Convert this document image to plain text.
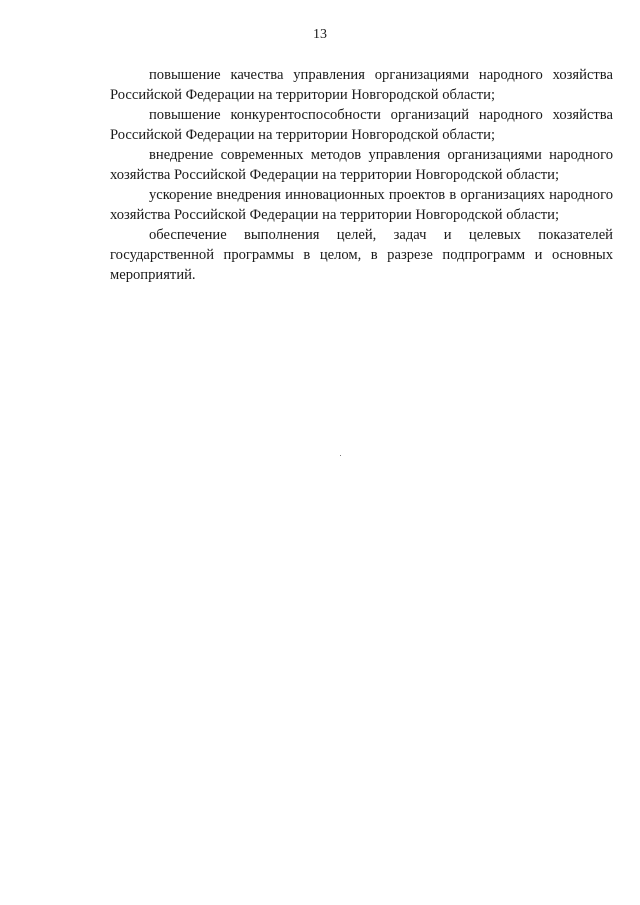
13

повышение качества управления организациями народного хозяйства Российской Федерации на территории Новгородской области;

повышение конкурентоспособности организаций народного хозяйства Российской Федерации на территории Новгородской области;

внедрение современных методов управления организациями народного хозяйства Российской Федерации на территории Новгородской области;

ускорение внедрения инновационных проектов в организациях народного хозяйства Российской Федерации на территории Новгородской области;

обеспечение выполнения целей, задач и целевых показателей государственной программы в целом, в разрезе подпрограмм и основных мероприятий.
